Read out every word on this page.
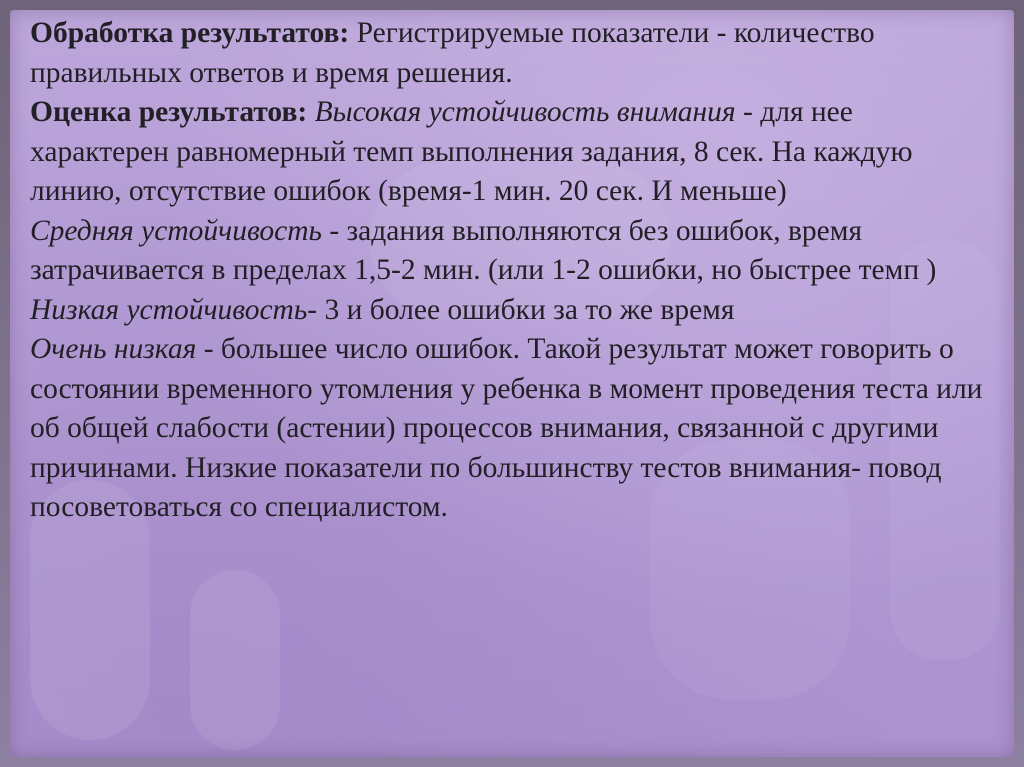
Обработка результатов: Регистрируемые показатели - количество правильных ответов и время решения.

Оценка результатов: Высокая устойчивость внимания - для нее характерен равномерный темп выполнения задания, 8 сек. На каждую линию, отсутствие ошибок (время-1 мин. 20 сек. И меньше)

Средняя устойчивость - задания выполняются без ошибок, время затрачивается в пределах 1,5-2 мин. (или 1-2 ошибки, но быстрее темп )

Низкая устойчивость- 3 и более ошибки за то же время

Очень низкая - большее число ошибок. Такой результат может говорить о состоянии временного утомления у ребенка в момент проведения теста или об общей слабости (астении) процессов внимания, связанной с другими причинами. Низкие показатели по большинству тестов внимания- повод посоветоваться со специалистом.
